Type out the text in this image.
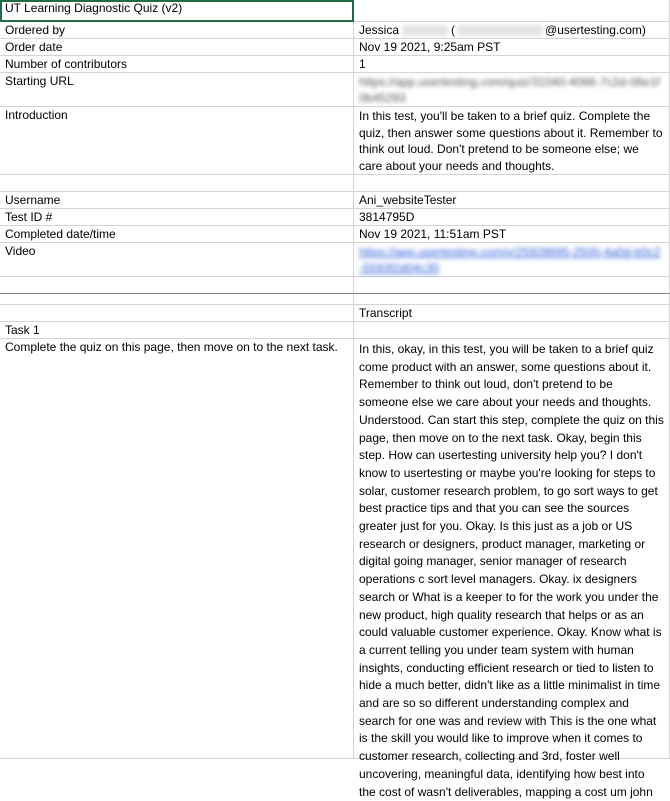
UT Learning Diagnostic Quiz (v2)
Ordered by	Jessica	(	@usertesting.com)
Order date	Nov 19 2021, 9:25am PST
Number of contributors	1
Starting URL	https://app.usertesting.com/quiz/31040-4066-7c2d-06e1f0b45293
Introduction	In this test, you'll be taken to a brief quiz. Complete the quiz, then answer some questions about it. Remember to think out loud. Don't pretend to be someone else; we care about your needs and thoughts.
Username	Ani_websiteTester
Test ID #	3814795D
Completed date/time	Nov 19 2021, 11:51am PST
Video	https://app.usertesting.com/v/25928695-2500-4a0d-b0c2-5593f2d04c30
Transcript
Task 1
Complete the quiz on this page, then move on to the next task.	In this, okay, in this test, you will be taken to a brief quiz come product with an answer, some questions about it. Remember to think out loud, don't pretend to be someone else we care about your needs and thoughts. Understood. Can start this step, complete the quiz on this page, then move on to the next task. Okay, begin this step. How can usertesting university help you? I don't know to usertesting or maybe you're looking for steps to solar, customer research problem, to go sort ways to get best practice tips and that you can see the sources greater just for you. Okay. Is this just as a job or US research or designers, product manager, marketing or digital going manager, senior manager of research operations c sort level managers. Okay. ix designers search or What is a keeper to for the work you under the new product, high quality research that helps or as an could valuable customer experience. Okay. Know what is a current telling you under team system with human insights, conducting efficient research or tied to listen to hide a much better, didn't like as a little minimalist in time and are so so different understanding complex and search for one was and review with This is the one what is the skill you would like to improve when it comes to customer research, collecting and 3rd, foster well uncovering, meaningful data, identifying how best into the cost of wasn't deliverables, mapping a cost um john
